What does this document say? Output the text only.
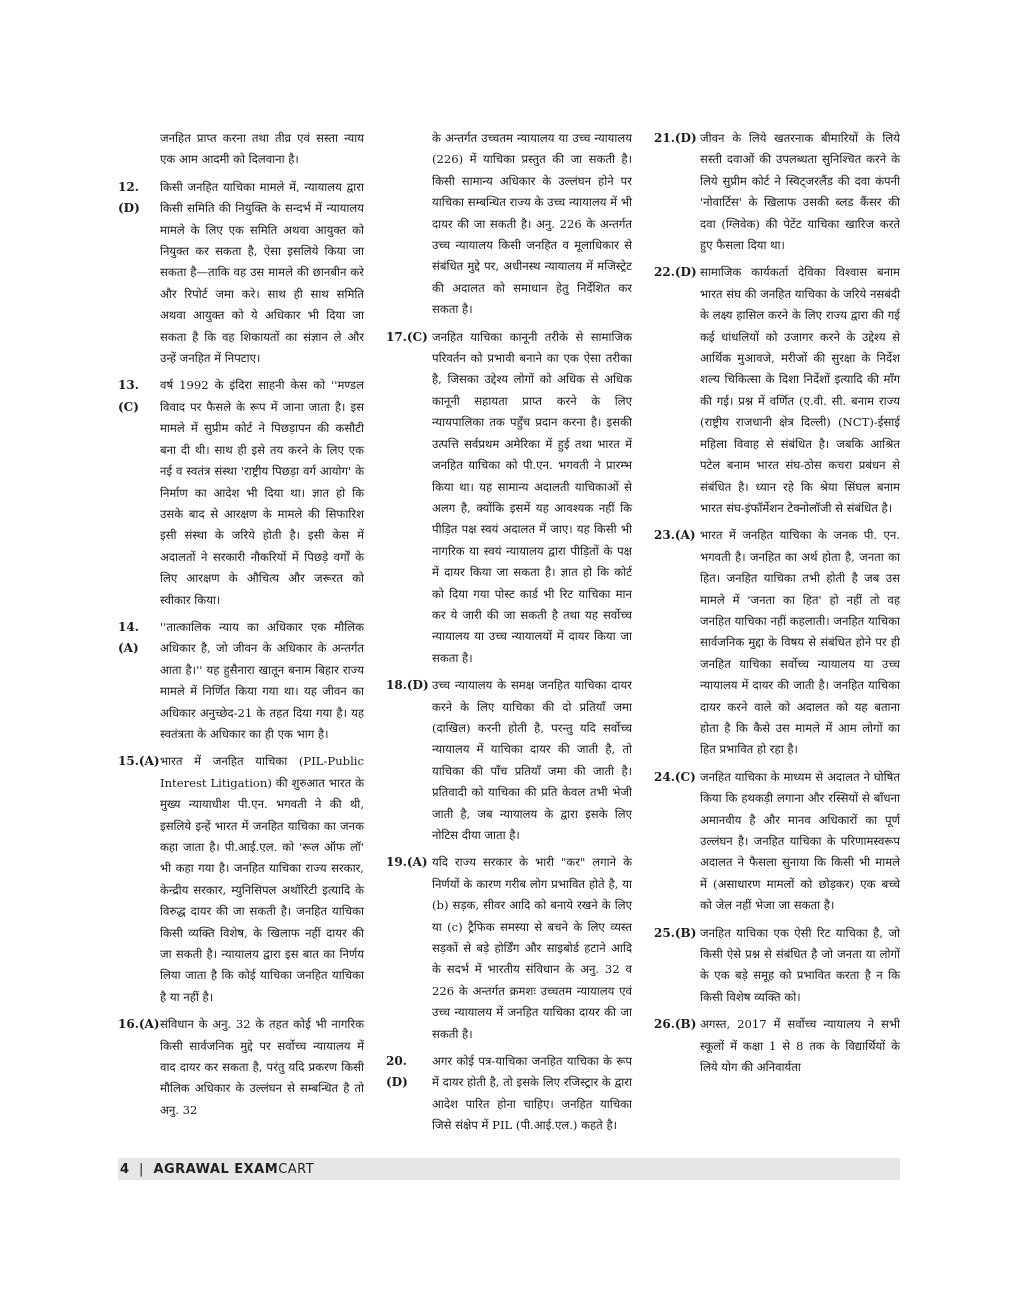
जनहित प्राप्त करना तथा तीव्र एवं सस्ता न्याय एक आम आदमी को दिलवाना है।
12.(D)
किसी जनहित याचिका मामले में, न्यायालय द्वारा किसी समिति की नियुक्ति के सन्दर्भ में न्यायालय मामले के लिए एक समिति अथवा आयुक्त को नियुक्त कर सकता है, ऐसा इसलिये किया जा सकता है—ताकि वह उस मामले की छानबीन करे और रिपोर्ट जमा करे। साथ ही साथ समिति अथवा आयुक्त को ये अधिकार भी दिया जा सकता है कि वह शिकायतों का संज्ञान ले और उन्हें जनहित में निपटाए।
13. (C)
वर्ष 1992 के इंदिरा साहनी केस को ''मण्डल विवाद पर फैसले के रूप में जाना जाता है। इस मामले में सुप्रीम कोर्ट ने पिछड़ापन की कसौटी बना दी थी। साथ ही इसे तय करने के लिए एक नई व स्वतंत्र संस्था 'राष्ट्रीय पिछड़ा वर्ग आयोग' के निर्माण का आदेश भी दिया था। ज्ञात हो कि उसके बाद से आरक्षण के मामले की सिफारिश इसी संस्था के जरिये होती है। इसी केस में अदालतों ने सरकारी नौकरियों में पिछड़े वर्गों के लिए आरक्षण के औचित्य और जरूरत को स्वीकार किया।
14. (A)
''तात्कालिक न्याय का अधिकार एक मौलिक अधिकार है, जो जीवन के अधिकार के अन्तर्गत आता है।'' यह हुसैनारा खातून बनाम बिहार राज्य मामले में निर्णित किया गया था। यह जीवन का अधिकार अनुच्छेद-21 के तहत दिया गया है। यह स्वतंत्रता के अधिकार का ही एक भाग है।
15.(A) भारत में जनहित याचिका (PIL-Public Interest Litigation) की शुरुआत भारत के मुख्य न्यायाधीश पी.एन. भगवती ने की थी, इसलिये इन्हें भारत में जनहित याचिका का जनक कहा जाता है। पी.आई.एल. को 'रूल ऑफ लॉ' भी कहा गया है। जनहित याचिका राज्य सरकार, केन्द्रीय सरकार, म्युनिसिपल अथॉरिटी इत्यादि के विरुद्ध दायर की जा सकती है। जनहित याचिका किसी व्यक्ति विशेष, के खिलाफ नहीं दायर की जा सकती है। न्यायालय द्वारा इस बात का निर्णय लिया जाता है कि कोई याचिका जनहित याचिका है या नहीं है।
16.(A) संविधान के अनु. 32 के तहत कोई भी नागरिक किसी सार्वजनिक मुद्दे पर सर्वोच्च न्यायालय में वाद दायर कर सकता है, परंतु यदि प्रकरण किसी मौलिक अधिकार के उल्लंघन से सम्बन्धित है तो अनु. 32
के अन्तर्गत उच्चतम न्यायालय या उच्च न्यायालय (226) में याचिका प्रस्तुत की जा सकती है। किसी सामान्य अधिकार के उल्लंघन होने पर याचिका सम्बन्धित राज्य के उच्च न्यायालय में भी दायर की जा सकती है। अनु. 226 के अन्तर्गत उच्च न्यायालय किसी जनहित व मूलाधिकार से संबंधित मुद्दे पर, अधीनस्थ न्यायालय में मजिस्ट्रेट की अदालत को समाधान हेतु निर्देशित कर सकता है।
17.(C) जनहित याचिका कानूनी तरीके से सामाजिक परिवर्तन को प्रभावी बनाने का एक ऐसा तरीका है, जिसका उद्देश्य लोगों को अधिक से अधिक कानूनी सहायता प्राप्त करने के लिए न्यायपालिका तक पहुँच प्रदान करना है। इसकी उत्पत्ति सर्वप्रथम अमेरिका में हुई तथा भारत में जनहित याचिका को पी.एन. भगवती ने प्रारम्भ किया था। यह सामान्य अदालती याचिकाओं से अलग है, क्योंकि इसमें यह आवश्यक नहीं कि पीड़ित पक्ष स्वयं अदालत में जाए। यह किसी भी नागरिक या स्वयं न्यायालय द्वारा पीड़ितों के पक्ष में दायर किया जा सकता है। ज्ञात हो कि कोर्ट को दिया गया पोस्ट कार्ड भी रिट याचिका मान कर ये जारी की जा सकती है तथा यह सर्वोच्च न्यायालय या उच्च न्यायालयों में दायर किया जा सकता है।
18.(D) उच्च न्यायालय के समक्ष जनहित याचिका दायर करने के लिए याचिका की दो प्रतियाँ जमा (दाखिल) करनी होती है, परन्तु यदि सर्वोच्च न्यायालय में याचिका दायर की जाती है, तो याचिका की पाँच प्रतियाँ जमा की जाती है। प्रतिवादी को याचिका की प्रति केवल तभी भेजी जाती है, जब न्यायालय के द्वारा इसके लिए नोटिस दीया जाता है।
19.(A) यदि राज्य सरकार के भारी "कर" लगाने के निर्णयों के कारण गरीब लोग प्रभावित होते है, या (b) सड़क, सीवर आदि को बनाये रखने के लिए या (c) ट्रैफिक समस्या से बचने के लिए व्यस्त सड़कों से बड़े होर्डिंग और साइबोर्ड हटाने आदि के सदर्भ में भारतीय संविधान के अनु. 32 व 226 के अन्तर्गत क्रमशः उच्चतम न्यायालय एवं उच्च न्यायालय में जनहित याचिका दायर की जा सकती है।
20. (D)
अगर कोई पत्र-याचिका जनहित याचिका के रूप में दायर होती है, तो इसके लिए रजिस्ट्रार के द्वारा आदेश पारित होना चाहिए। जनहित याचिका जिसे संक्षेप में PIL (पी.आई.एल.) कहते है।
21.(D) जीवन के लिये खतरनाक बीमारियों के लिये सस्ती दवाओं की उपलब्धता सुनिश्चित करने के लिये सुप्रीम कोर्ट ने स्विट्जरलैंड की दवा कंपनी 'नोवार्टिस' के खिलाफ उसकी ब्लड कैंसर की दवा (ग्लिवेक) की पेटेंट याचिका खारिज करते हुए फैसला दिया था।
22.(D) सामाजिक कार्यकर्ता देविका विश्वास बनाम भारत संघ की जनहित याचिका के जरिये नसबंदी के लक्ष्य हासिल करने के लिए राज्य द्वारा की गई कई धांधलियों को उजागर करने के उद्देश्य से आर्थिक मुआवजे, मरीजों की सुरक्षा के निर्देश शल्य चिकित्सा के दिशा निर्देशों इत्यादि की माँग की गई। प्रश्न में वर्णित (ए.वी. सी. बनाम राज्य (राष्ट्रीय राजधानी क्षेत्र दिल्ली) (NCT)-ईसाई महिला विवाह से संबंधित है। जबकि आश्रित पटेल बनाम भारत संघ-ठोस कचरा प्रबंधन से संबंधित है। ध्यान रहे कि श्रेया सिंघल बनाम भारत संघ-इंफॉर्मेशन टेक्नोलॉजी से संबंधित है।
23.(A) भारत में जनहित याचिका के जनक पी. एन. भगवती है। जनहित का अर्थ होता है, जनता का हित। जनहित याचिका तभी होती है जब उस मामले में 'जनता का हित' हो नहीं तो वह जनहित याचिका नहीं कहलाती। जनहित याचिका सार्वजनिक मुद्दा के विषय से संबंधित होने पर ही जनहित याचिका सर्वोच्च न्यायालय या उच्च न्यायालय में दायर की जाती है। जनहित याचिका दायर करने वाले को अदालत को यह बताना होता है कि कैसे उस मामले में आम लोगों का हित प्रभावित हो रहा है।
24.(C) जनहित याचिका के माध्यम से अदालत ने घोषित किया कि हथकड़ी लगाना और रस्सियों से बाँधना अमानवीय है और मानव अधिकारों का पूर्ण उल्लंघन है। जनहित याचिका के परिणामस्वरूप अदालत ने फैसला सुनाया कि किसी भी मामले में (असाधारण मामलों को छोड़कर) एक बच्चे को जेल नहीं भेजा जा सकता है।
25.(B) जनहित याचिका एक ऐसी रिट याचिका है, जो किसी ऐसे प्रश्न से संबंधित है जो जनता या लोगों के एक बड़े समूह को प्रभावित करता है न कि किसी विशेष व्यक्ति को।
26.(B) अगस्त, 2017 में सर्वोच्च न्यायालय ने सभी स्कूलों में कक्षा 1 से 8 तक के विद्यार्थियों के लिये योग की अनिवार्यता
4 | AGRAWAL EXAM CART
